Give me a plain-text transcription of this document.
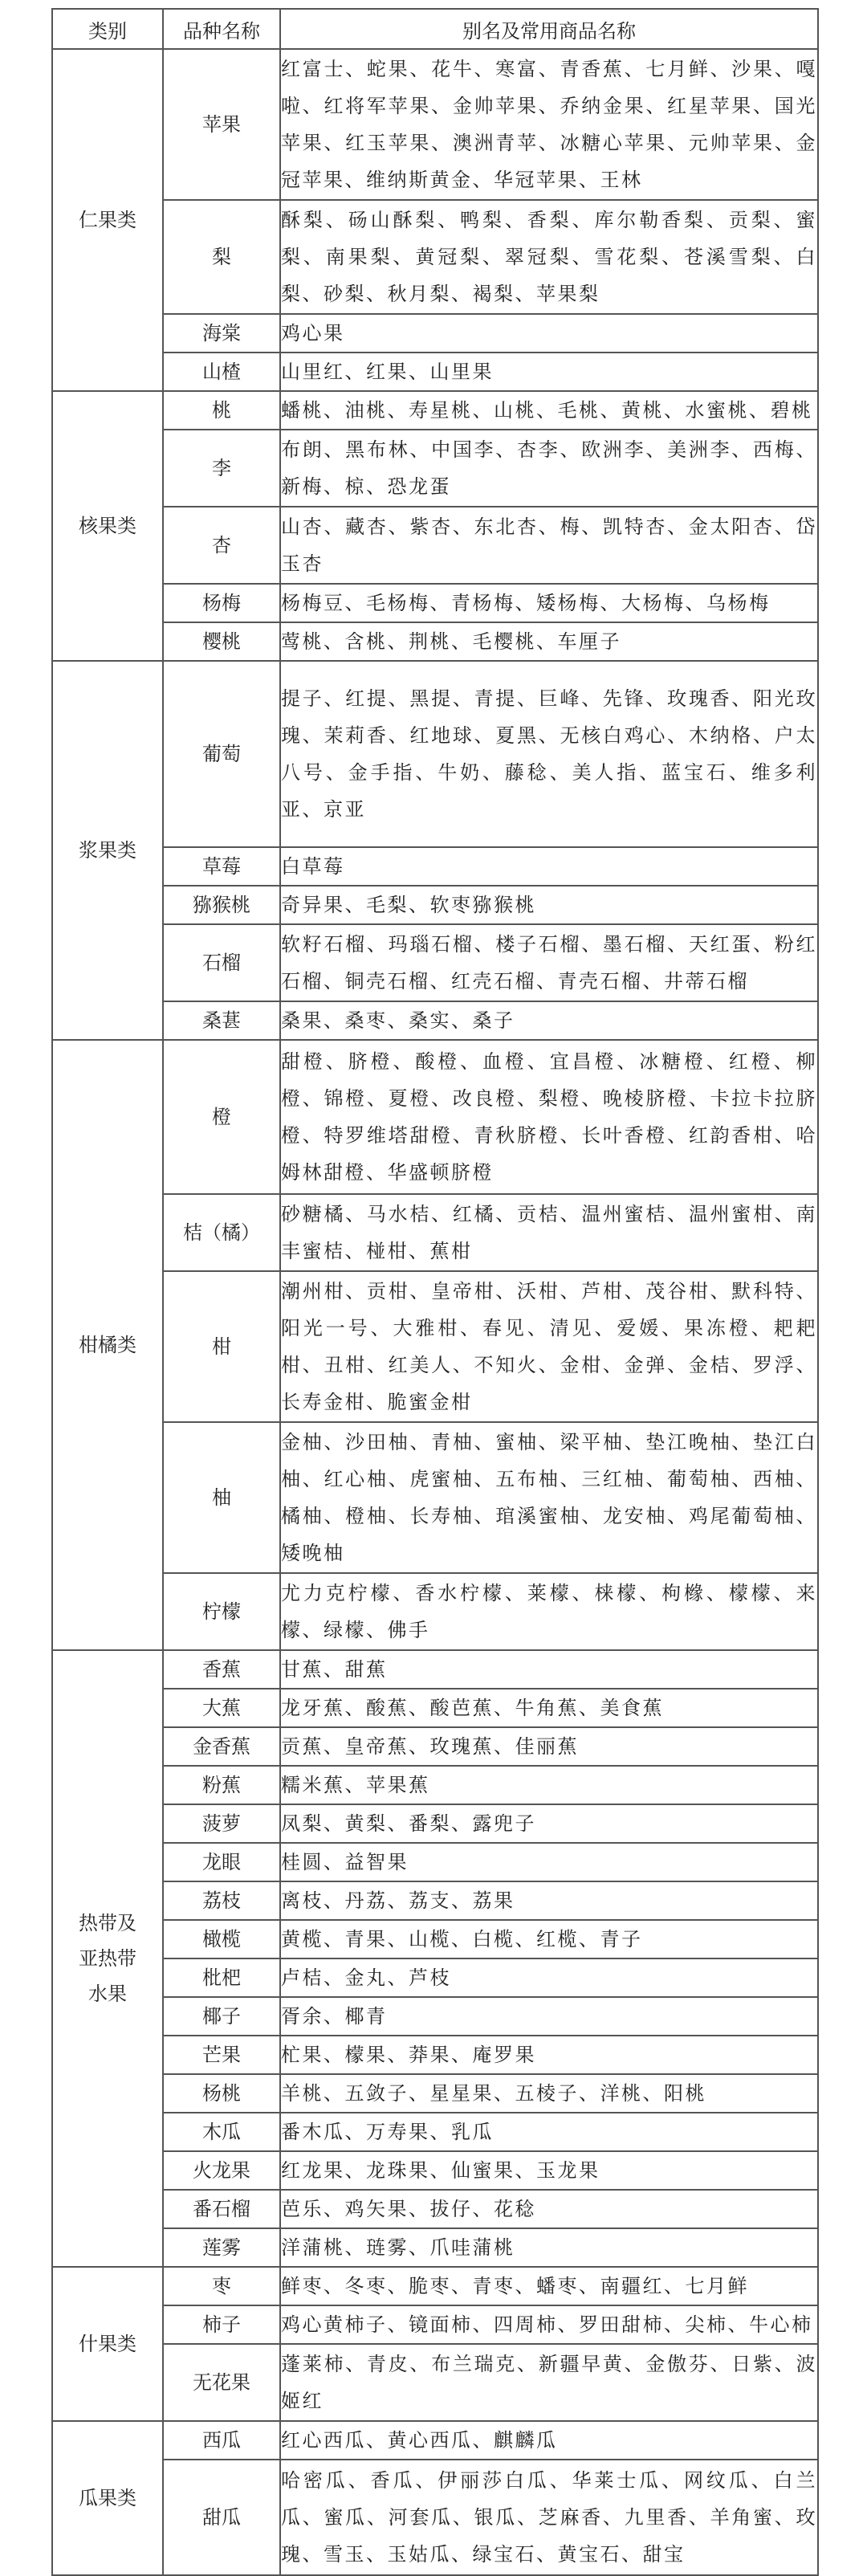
类别	品种名称	别名及常用商品名称
仁果类	苹果	红富士、蛇果、花牛、寒富、青香蕉、七月鲜、沙果、嘎啦、红将军苹果、金帅苹果、乔纳金果、红星苹果、国光苹果、红玉苹果、澳洲青苹、冰糖心苹果、元帅苹果、金冠苹果、维纳斯黄金、华冠苹果、王林
	梨	酥梨、砀山酥梨、鸭梨、香梨、库尔勒香梨、贡梨、蜜梨、南果梨、黄冠梨、翠冠梨、雪花梨、苍溪雪梨、白梨、砂梨、秋月梨、褐梨、苹果梨
	海棠	鸡心果
	山楂	山里红、红果、山里果
核果类	桃	蟠桃、油桃、寿星桃、山桃、毛桃、黄桃、水蜜桃、碧桃
	李	布朗、黑布林、中国李、杏李、欧洲李、美洲李、西梅、新梅、椋、恐龙蛋
	杏	山杏、藏杏、紫杏、东北杏、梅、凯特杏、金太阳杏、岱玉杏
	杨梅	杨梅豆、毛杨梅、青杨梅、矮杨梅、大杨梅、乌杨梅
	樱桃	莺桃、含桃、荆桃、毛樱桃、车厘子
浆果类	葡萄	提子、红提、黑提、青提、巨峰、先锋、玫瑰香、阳光玫瑰、茉莉香、红地球、夏黑、无核白鸡心、木纳格、户太八号、金手指、牛奶、藤稔、美人指、蓝宝石、维多利亚、京亚
	草莓	白草莓
	猕猴桃	奇异果、毛梨、软枣猕猴桃
	石榴	软籽石榴、玛瑙石榴、楼子石榴、墨石榴、天红蛋、粉红石榴、铜壳石榴、红壳石榴、青壳石榴、井蒂石榴
	桑葚	桑果、桑枣、桑实、桑子
柑橘类	橙	甜橙、脐橙、酸橙、血橙、宜昌橙、冰糖橙、红橙、柳橙、锦橙、夏橙、改良橙、梨橙、晚棱脐橙、卡拉卡拉脐橙、特罗维塔甜橙、青秋脐橙、长叶香橙、红韵香柑、哈姆林甜橙、华盛顿脐橙
	桔（橘）	砂糖橘、马水桔、红橘、贡桔、温州蜜桔、温州蜜柑、南丰蜜桔、椪柑、蕉柑
	柑	潮州柑、贡柑、皇帝柑、沃柑、芦柑、茂谷柑、默科特、阳光一号、大雅柑、春见、清见、爱媛、果冻橙、耙耙柑、丑柑、红美人、不知火、金柑、金弹、金桔、罗浮、长寿金柑、脆蜜金柑
	柚	金柚、沙田柚、青柚、蜜柚、梁平柚、垫江晚柚、垫江白柚、红心柚、虎蜜柚、五布柚、三红柚、葡萄柚、西柚、橘柚、橙柚、长寿柚、琯溪蜜柚、龙安柚、鸡尾葡萄柚、矮晚柚
	柠檬	尤力克柠檬、香水柠檬、莱檬、梾檬、枸橼、檬檬、来檬、绿檬、佛手
热带及亚热带水果	香蕉	甘蕉、甜蕉
	大蕉	龙牙蕉、酸蕉、酸芭蕉、牛角蕉、美食蕉
	金香蕉	贡蕉、皇帝蕉、玫瑰蕉、佳丽蕉
	粉蕉	糯米蕉、苹果蕉
	菠萝	凤梨、黄梨、番梨、露兜子
	龙眼	桂圆、益智果
	荔枝	离枝、丹荔、荔支、荔果
	橄榄	黄榄、青果、山榄、白榄、红榄、青子
	枇杷	卢桔、金丸、芦枝
	椰子	胥余、椰青
	芒果	杧果、檬果、莽果、庵罗果
	杨桃	羊桃、五敛子、星星果、五棱子、洋桃、阳桃
	木瓜	番木瓜、万寿果、乳瓜
	火龙果	红龙果、龙珠果、仙蜜果、玉龙果
	番石榴	芭乐、鸡矢果、拔仔、花稔
	莲雾	洋蒲桃、琏雾、爪哇蒲桃
什果类	枣	鲜枣、冬枣、脆枣、青枣、蟠枣、南疆红、七月鲜
	柿子	鸡心黄柿子、镜面柿、四周柿、罗田甜柿、尖柿、牛心柿
	无花果	蓬莱柿、青皮、布兰瑞克、新疆早黄、金傲芬、日紫、波姬红
瓜果类	西瓜	红心西瓜、黄心西瓜、麒麟瓜
	甜瓜	哈密瓜、香瓜、伊丽莎白瓜、华莱士瓜、网纹瓜、白兰瓜、蜜瓜、河套瓜、银瓜、芝麻香、九里香、羊角蜜、玫瑰、雪玉、玉姑瓜、绿宝石、黄宝石、甜宝
